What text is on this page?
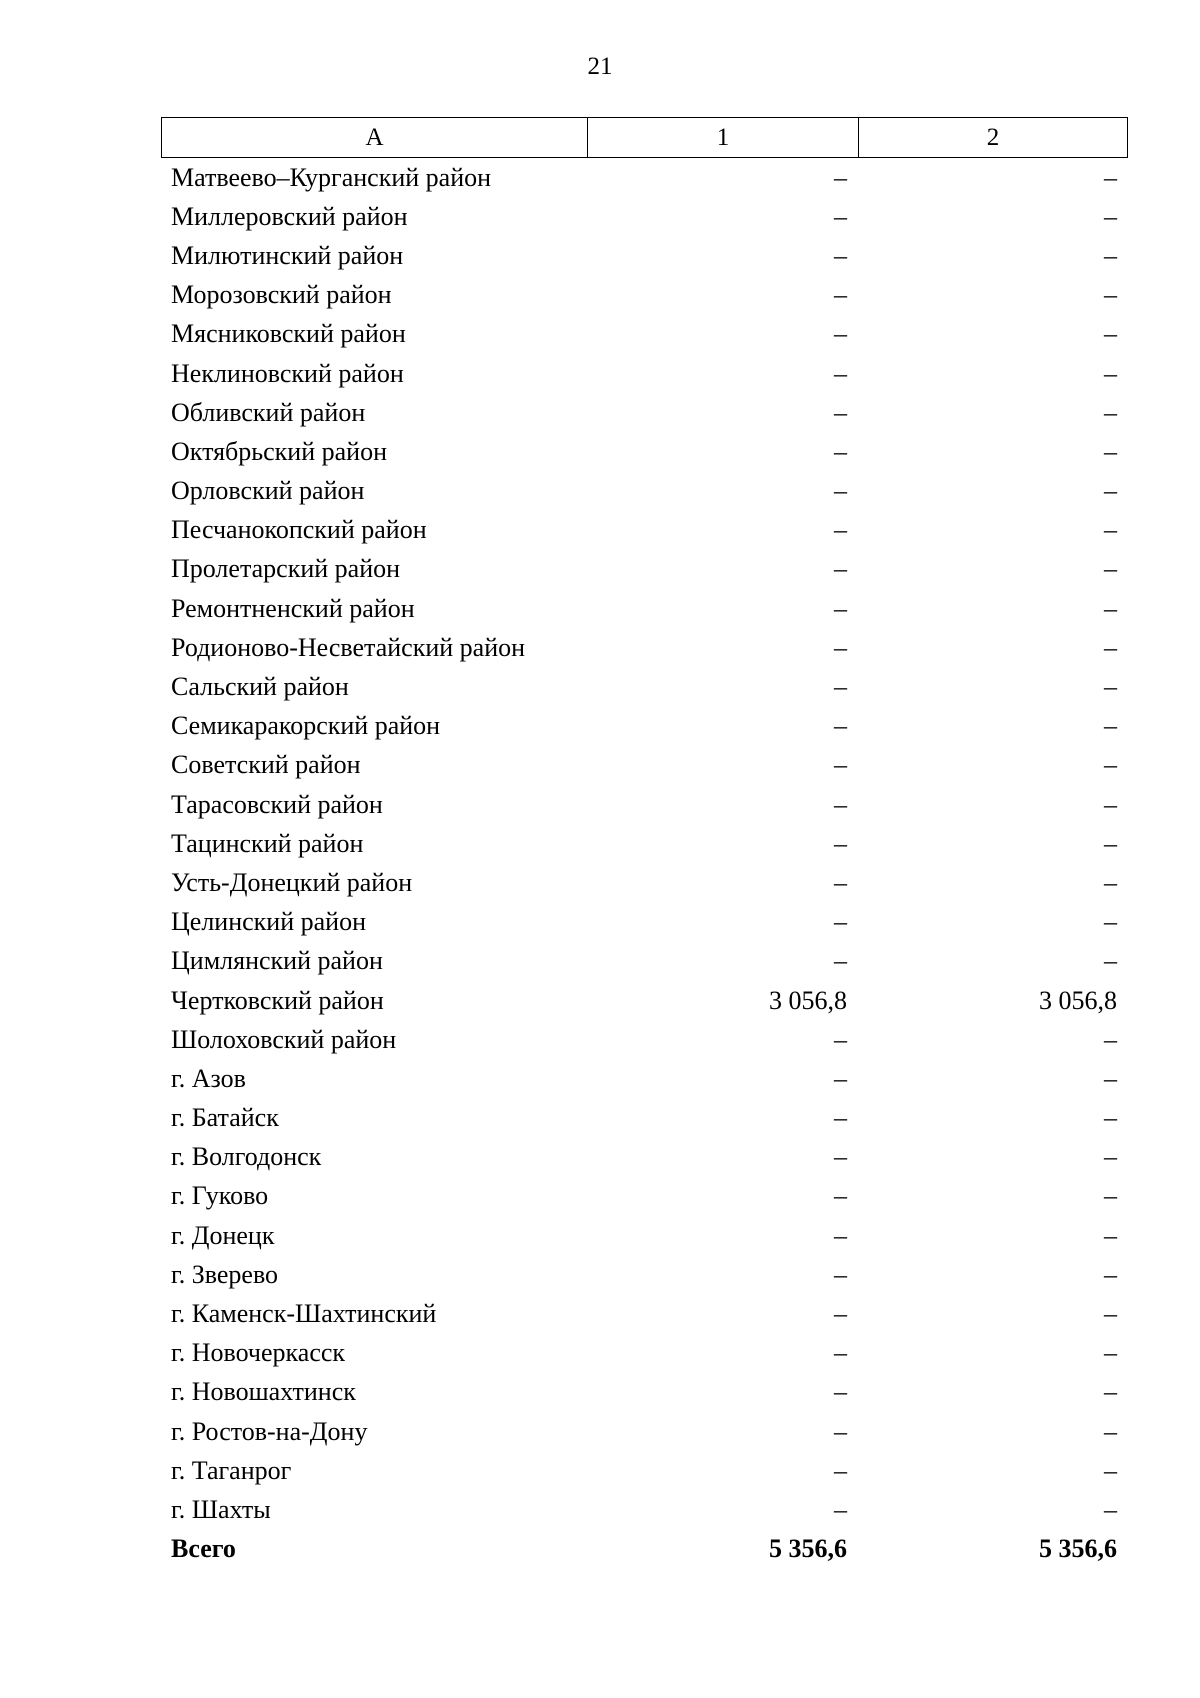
21
А	1	2
Матвеево–Курганский район	–	–
Миллеровский район	–	–
Милютинский район	–	–
Морозовский район	–	–
Мясниковский район	–	–
Неклиновский район	–	–
Обливский район	–	–
Октябрьский район	–	–
Орловский район	–	–
Песчанокопский район	–	–
Пролетарский район	–	–
Ремонтненский район	–	–
Родионово-Несветайский район	–	–
Сальский район	–	–
Семикаракорский район	–	–
Советский район	–	–
Тарасовский район	–	–
Тацинский район	–	–
Усть-Донецкий район	–	–
Целинский район	–	–
Цимлянский район	–	–
Чертковский район	3 056,8	3 056,8
Шолоховский район	–	–
г. Азов	–	–
г. Батайск	–	–
г. Волгодонск	–	–
г. Гуково	–	–
г. Донецк	–	–
г. Зверево	–	–
г. Каменск-Шахтинский	–	–
г. Новочеркасск	–	–
г. Новошахтинск	–	–
г. Ростов-на-Дону	–	–
г. Таганрог	–	–
г. Шахты	–	–
Всего	5 356,6	5 356,6
